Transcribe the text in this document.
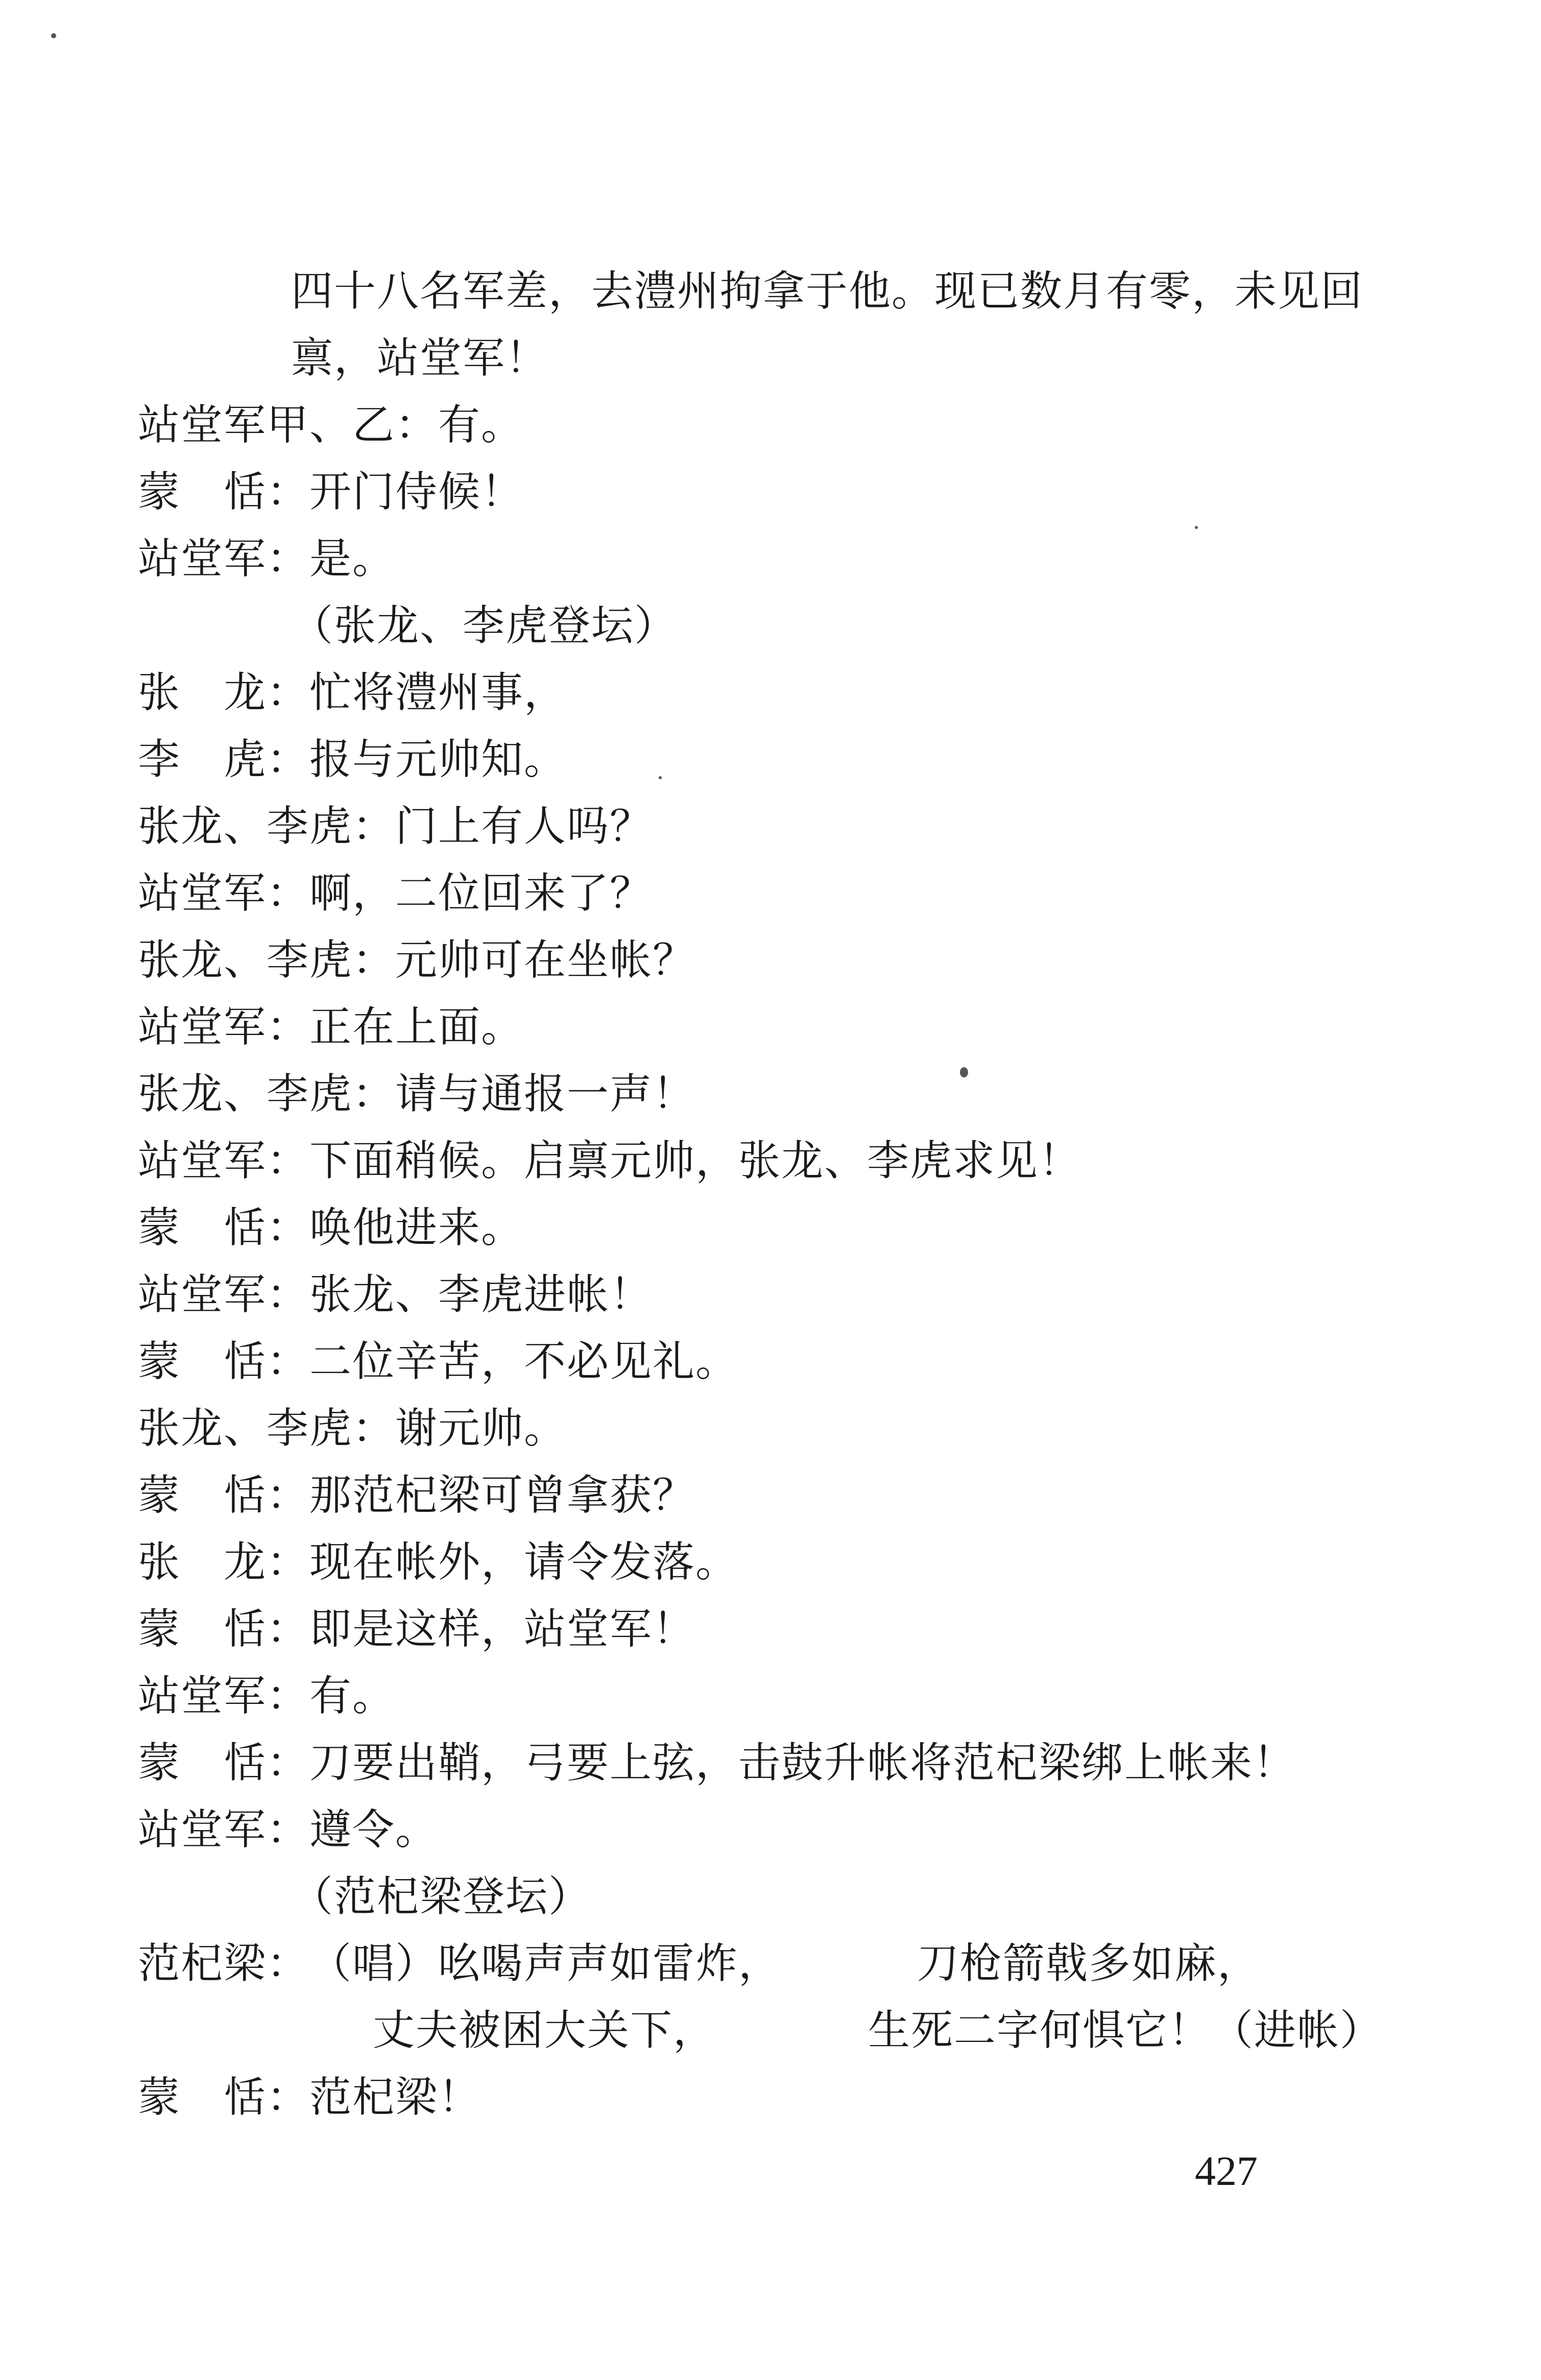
四十八名军差，去澧州拘拿于他。现已数月有零，未见回
禀，站堂军！
站堂军甲、乙：有。
蒙　恬：开门侍候！
站堂军：是。
（张龙、李虎登坛）
张　龙：忙将澧州事，
李　虎：报与元帅知。
张龙、李虎：门上有人吗？
站堂军：啊，二位回来了？
张龙、李虎：元帅可在坐帐？
站堂军：正在上面。
张龙、李虎：请与通报一声！
站堂军：下面稍候。启禀元帅，张龙、李虎求见！
蒙　恬：唤他进来。
站堂军：张龙、李虎进帐！
蒙　恬：二位辛苦，不必见礼。
张龙、李虎：谢元帅。
蒙　恬：那范杞梁可曾拿获？
张　龙：现在帐外，请令发落。
蒙　恬：即是这样，站堂军！
站堂军：有。
蒙　恬：刀要出鞘，弓要上弦，击鼓升帐将范杞梁绑上帐来！
站堂军：遵令。
（范杞梁登坛）
范杞梁：（唱）吆喝声声如雷炸，	刀枪箭戟多如麻，
丈夫被困大关下，	生死二字何惧它！（进帐）
蒙　恬：范杞梁！
427
